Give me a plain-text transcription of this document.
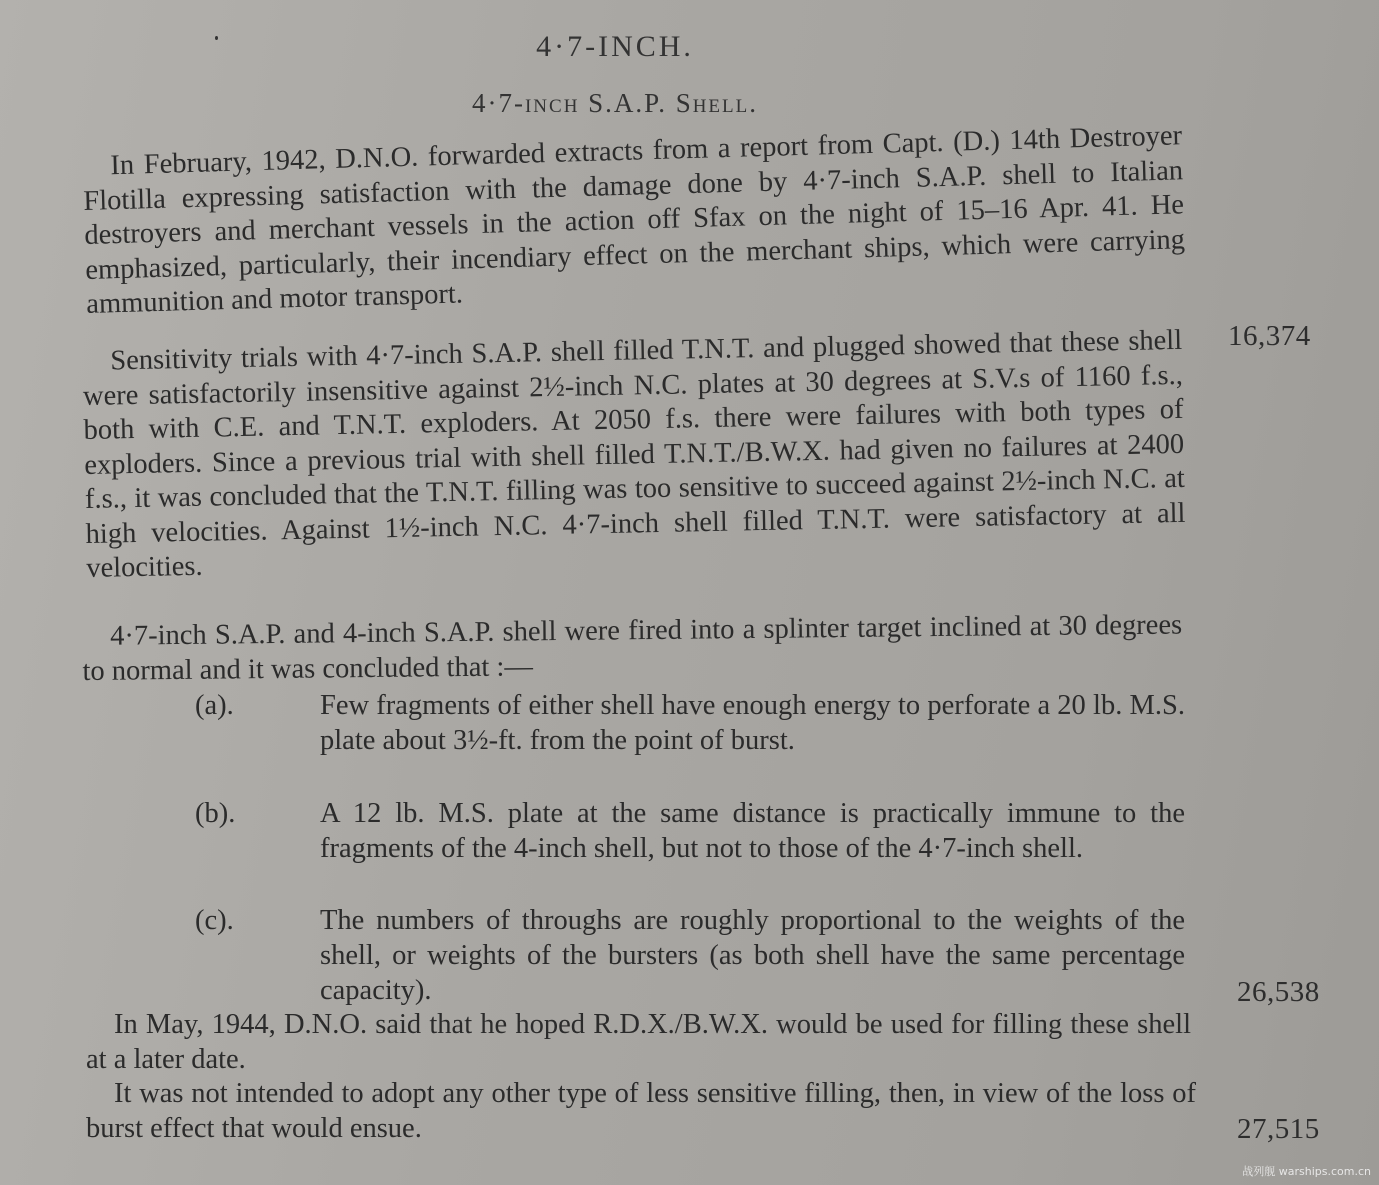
4·7-INCH.
4·7-inch S.A.P. Shell.

In February, 1942, D.N.O. forwarded extracts from a report from Capt. (D.) 14th Destroyer Flotilla expressing satisfaction with the damage done by 4·7-inch S.A.P. shell to Italian destroyers and merchant vessels in the action off Sfax on the night of 15–16 Apr. 41. He emphasized, particularly, their incendiary effect on the merchant ships, which were carrying ammunition and motor transport.

16,374

Sensitivity trials with 4·7-inch S.A.P. shell filled T.N.T. and plugged showed that these shell were satisfactorily insensitive against 2½-inch N.C. plates at 30 degrees at S.V.s of 1160 f.s., both with C.E. and T.N.T. exploders. At 2050 f.s. there were failures with both types of exploders. Since a previous trial with shell filled T.N.T./B.W.X. had given no failures at 2400 f.s., it was concluded that the T.N.T. filling was too sensitive to succeed against 2½-inch N.C. at high velocities. Against 1½-inch N.C. 4·7-inch shell filled T.N.T. were satisfactory at all velocities.

4·7-inch S.A.P. and 4-inch S.A.P. shell were fired into a splinter target inclined at 30 degrees to normal and it was concluded that :—

(a).	Few fragments of either shell have enough energy to perforate a 20 lb. M.S. plate about 3½-ft. from the point of burst.
(b).	A 12 lb. M.S. plate at the same distance is practically immune to the fragments of the 4-inch shell, but not to those of the 4·7-inch shell.
(c).	The numbers of throughs are roughly proportional to the weights of the shell, or weights of the bursters (as both shell have the same percentage capacity).	26,538

In May, 1944, D.N.O. said that he hoped R.D.X./B.W.X. would be used for filling these shell at a later date.

It was not intended to adopt any other type of less sensitive filling, then, in view of the loss of burst effect that would ensue.	27,515
战列舰 warships.com.cn
